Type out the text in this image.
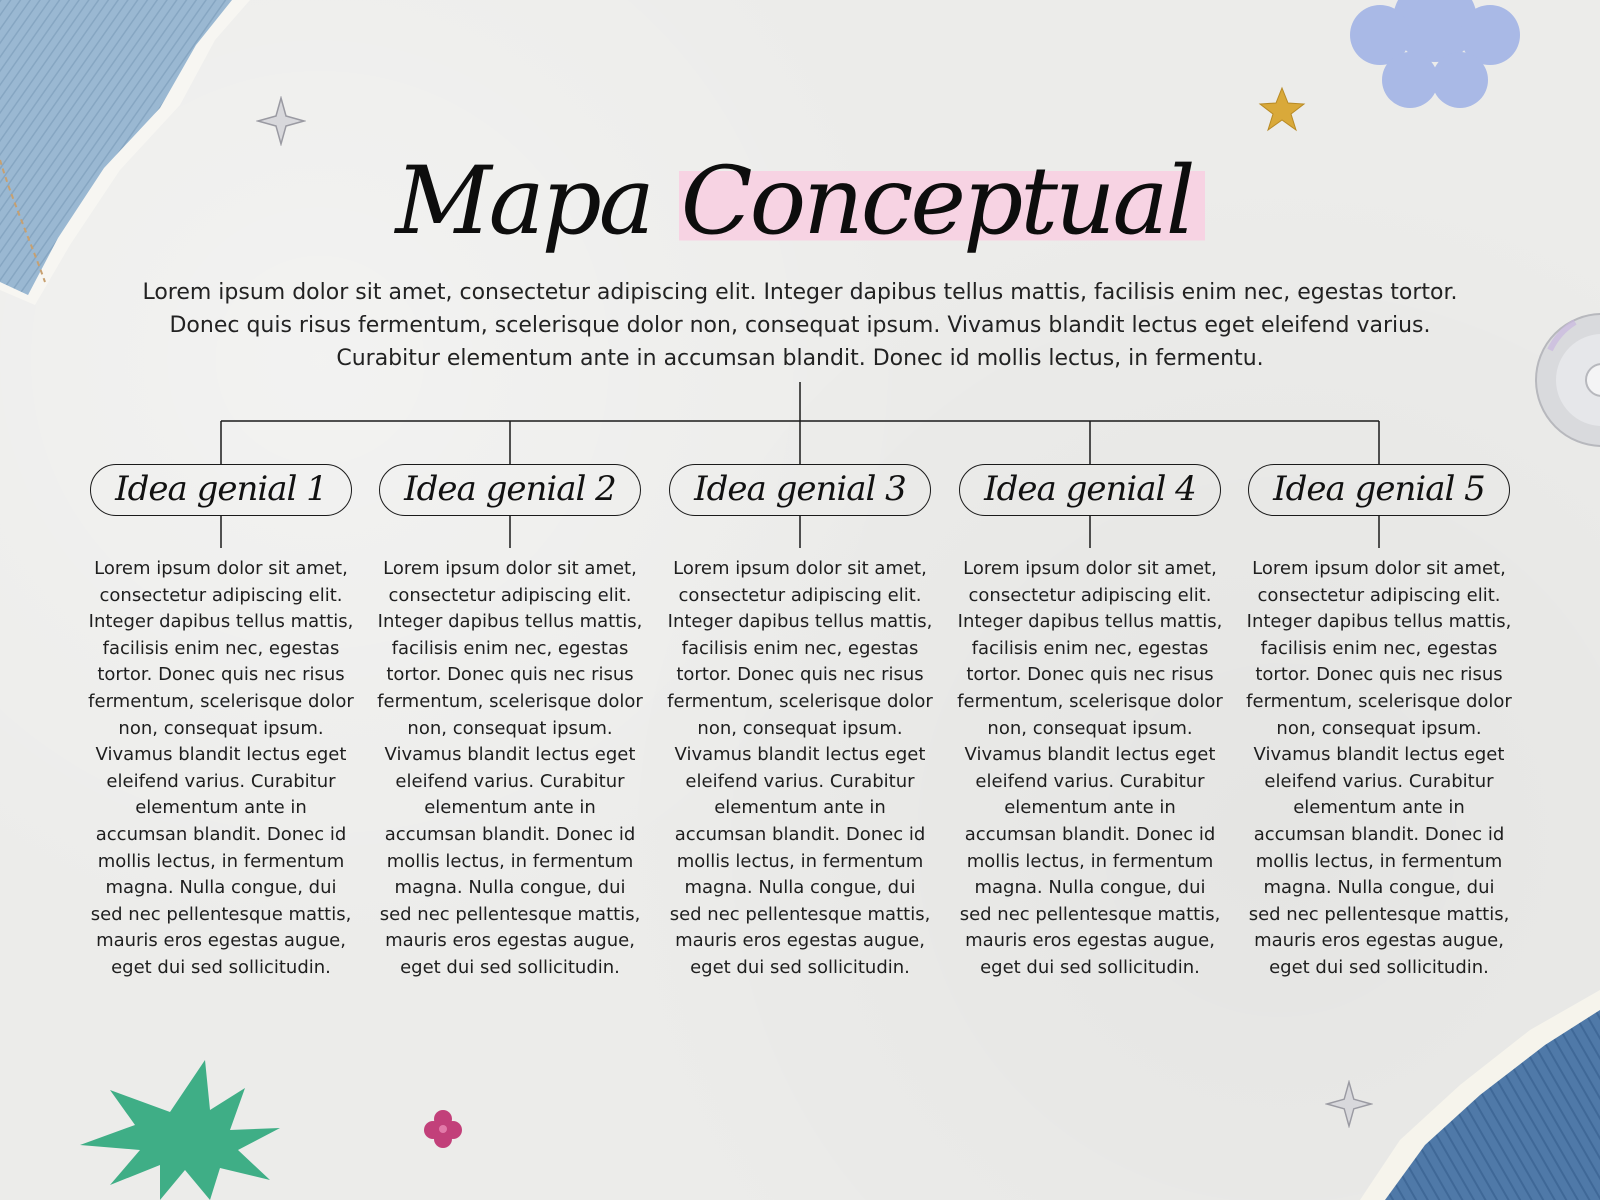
Mapa Conceptual

Lorem ipsum dolor sit amet, consectetur adipiscing elit. Integer dapibus tellus mattis, facilisis enim nec, egestas tortor. Donec quis risus fermentum, scelerisque dolor non, consequat ipsum. Vivamus blandit lectus eget eleifend varius. Curabitur elementum ante in accumsan blandit. Donec id mollis lectus, in fermentu.

Idea genial 1	Idea genial 2	Idea genial 3	Idea genial 4	Idea genial 5

Lorem ipsum dolor sit amet, consectetur adipiscing elit. Integer dapibus tellus mattis, facilisis enim nec, egestas tortor. Donec quis nec risus fermentum, scelerisque dolor non, consequat ipsum. Vivamus blandit lectus eget eleifend varius. Curabitur elementum ante in accumsan blandit. Donec id mollis lectus, in fermentum magna. Nulla congue, dui sed nec pellentesque mattis, mauris eros egestas augue, eget dui sed sollicitudin.

Lorem ipsum dolor sit amet, consectetur adipiscing elit. Integer dapibus tellus mattis, facilisis enim nec, egestas tortor. Donec quis nec risus fermentum, scelerisque dolor non, consequat ipsum. Vivamus blandit lectus eget eleifend varius. Curabitur elementum ante in accumsan blandit. Donec id mollis lectus, in fermentum magna. Nulla congue, dui sed nec pellentesque mattis, mauris eros egestas augue, eget dui sed sollicitudin.

Lorem ipsum dolor sit amet, consectetur adipiscing elit. Integer dapibus tellus mattis, facilisis enim nec, egestas tortor. Donec quis nec risus fermentum, scelerisque dolor non, consequat ipsum. Vivamus blandit lectus eget eleifend varius. Curabitur elementum ante in accumsan blandit. Donec id mollis lectus, in fermentum magna. Nulla congue, dui sed nec pellentesque mattis, mauris eros egestas augue, eget dui sed sollicitudin.

Lorem ipsum dolor sit amet, consectetur adipiscing elit. Integer dapibus tellus mattis, facilisis enim nec, egestas tortor. Donec quis nec risus fermentum, scelerisque dolor non, consequat ipsum. Vivamus blandit lectus eget eleifend varius. Curabitur elementum ante in accumsan blandit. Donec id mollis lectus, in fermentum magna. Nulla congue, dui sed nec pellentesque mattis, mauris eros egestas augue, eget dui sed sollicitudin.

Lorem ipsum dolor sit amet, consectetur adipiscing elit. Integer dapibus tellus mattis, facilisis enim nec, egestas tortor. Donec quis nec risus fermentum, scelerisque dolor non, consequat ipsum. Vivamus blandit lectus eget eleifend varius. Curabitur elementum ante in accumsan blandit. Donec id mollis lectus, in fermentum magna. Nulla congue, dui sed nec pellentesque mattis, mauris eros egestas augue, eget dui sed sollicitudin.
